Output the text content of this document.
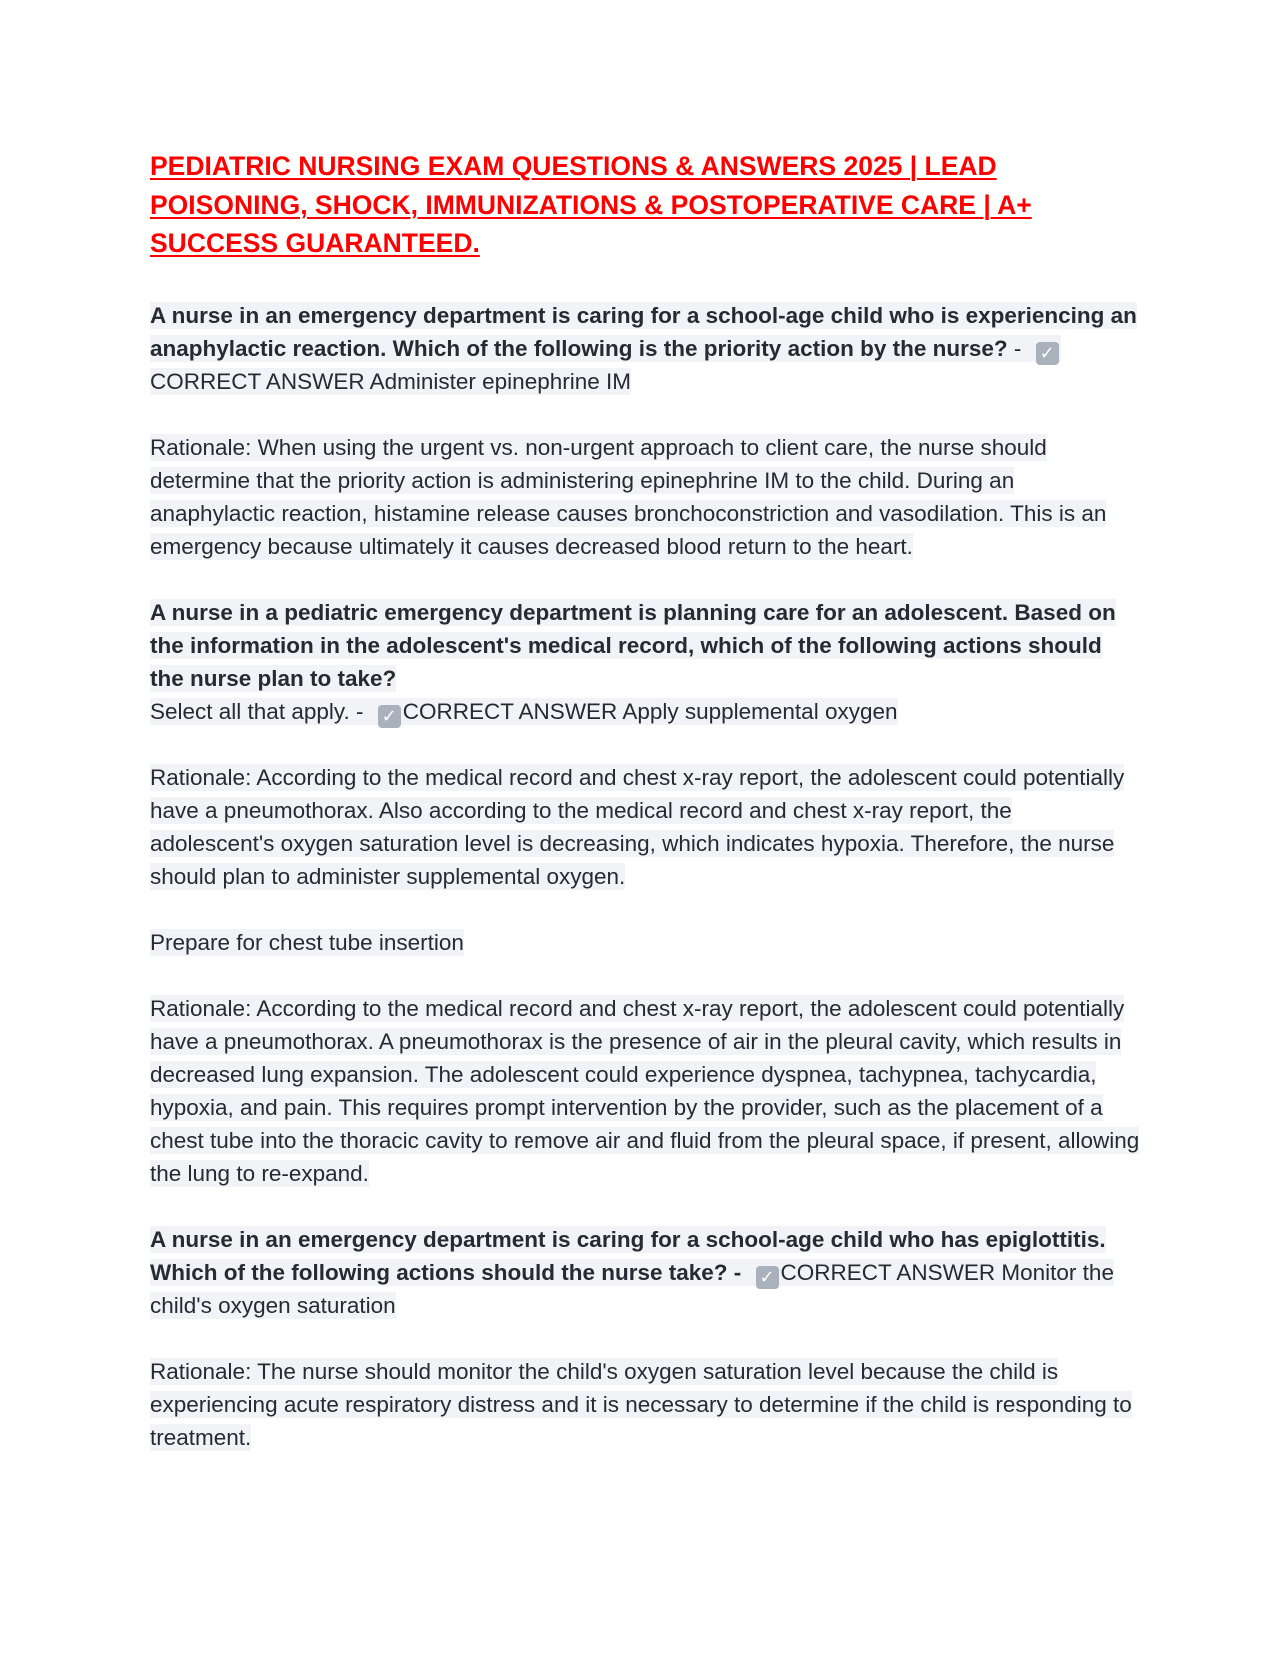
PEDIATRIC NURSING EXAM QUESTIONS & ANSWERS 2025 | LEAD POISONING, SHOCK, IMMUNIZATIONS & POSTOPERATIVE CARE | A+ SUCCESS GUARANTEED.

A nurse in an emergency department is caring for a school-age child who is experiencing an anaphylactic reaction. Which of the following is the priority action by the nurse? - ✓CORRECT ANSWER Administer epinephrine IM

Rationale: When using the urgent vs. non-urgent approach to client care, the nurse should determine that the priority action is administering epinephrine IM to the child. During an anaphylactic reaction, histamine release causes bronchoconstriction and vasodilation. This is an emergency because ultimately it causes decreased blood return to the heart.

A nurse in a pediatric emergency department is planning care for an adolescent. Based on the information in the adolescent's medical record, which of the following actions should the nurse plan to take?
Select all that apply. - ✓ CORRECT ANSWER Apply supplemental oxygen

Rationale: According to the medical record and chest x-ray report, the adolescent could potentially have a pneumothorax. Also according to the medical record and chest x-ray report, the adolescent's oxygen saturation level is decreasing, which indicates hypoxia. Therefore, the nurse should plan to administer supplemental oxygen.

Prepare for chest tube insertion

Rationale: According to the medical record and chest x-ray report, the adolescent could potentially have a pneumothorax. A pneumothorax is the presence of air in the pleural cavity, which results in decreased lung expansion. The adolescent could experience dyspnea, tachypnea, tachycardia, hypoxia, and pain. This requires prompt intervention by the provider, such as the placement of a chest tube into the thoracic cavity to remove air and fluid from the pleural space, if present, allowing the lung to re-expand.

A nurse in an emergency department is caring for a school-age child who has epiglottitis. Which of the following actions should the nurse take? - ✓ CORRECT ANSWER Monitor the child's oxygen saturation

Rationale: The nurse should monitor the child's oxygen saturation level because the child is experiencing acute respiratory distress and it is necessary to determine if the child is responding to treatment.
